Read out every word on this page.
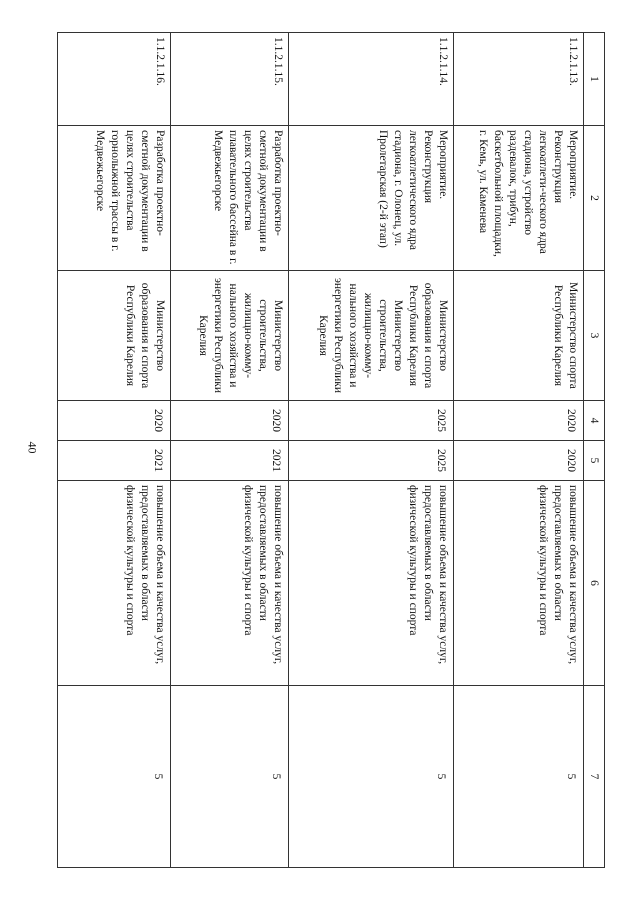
40
1	2	3	4	5	6	7
1.1.2.1.13.	Мероприятие. Реконструкция легкоатлети-ческого ядра стадиона, устройство раздевалок, трибун, баскетбольной площадки, г. Кемь, ул. Каменева	Министерство спорта Республики Карелия	2020	2020	повышение объема и качества услуг, предоставляемых в области физической культуры и спорта	5
1.1.2.1.14.	Мероприятие. Реконструкция легкоатлетического ядра стадиона, г. Олонец, ул. Пролетарская (2-й этап)	Министерство образования и спорта Республики Карелия Министерство строительства, жилищно-комму-нального хозяйства и энергетики Республики Карелия	2025	2025	повышение объема и качества услуг, предоставляемых в области физической культуры и спорта	5
1.1.2.1.15.	Разработка проектно-сметной документации в целях строительства плавательного бассейна в г. Медвежьегорске	Министерство строительства, жилищно-комму-нального хозяйства и энергетики Республики Карелия	2020	2021	повышение объема и качества услуг, предоставляемых в области физической культуры и спорта	5
1.1.2.1.16.	Разработка проектно-сметной документации в целях строительства горнолыжной трассы в г. Медвежьегорске	Министерство образования и спорта Республики Карелия	2020	2021	повышение объема и качества услуг, предоставляемых в области физической культуры и спорта	5
